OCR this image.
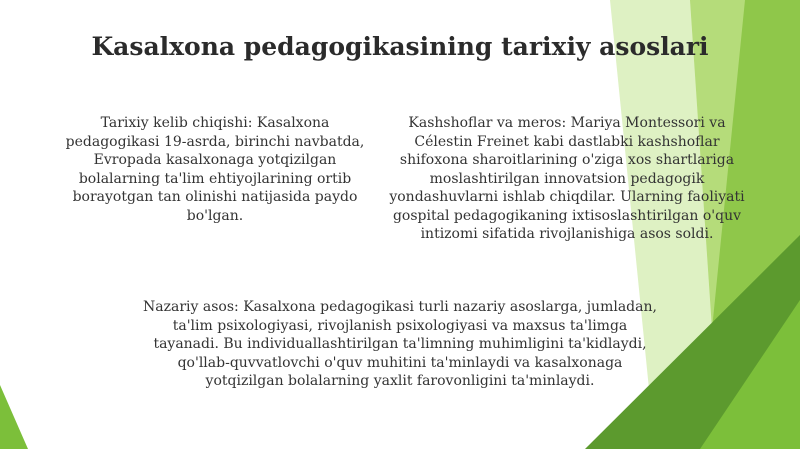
Kasalxona pedagogikasining tarixiy asoslari

Tarixiy kelib chiqishi: Kasalxona pedagogikasi 19-asrda, birinchi navbatda, Evropada kasalxonaga yotqizilgan bolalarning ta'lim ehtiyojlarining ortib borayotgan tan olinishi natijasida paydo bo'lgan.

Kashshoflar va meros: Mariya Montessori va Célestin Freinet kabi dastlabki kashshoflar shifoxona sharoitlarining o'ziga xos shartlariga moslashtirilgan innovatsion pedagogik yondashuvlarni ishlab chiqdilar. Ularning faoliyati gospital pedagogikaning ixtisoslashtirilgan o'quv intizomi sifatida rivojlanishiga asos soldi.

Nazariy asos: Kasalxona pedagogikasi turli nazariy asoslarga, jumladan, ta'lim psixologiyasi, rivojlanish psixologiyasi va maxsus ta'limga tayanadi. Bu individuallashtirilgan ta'limning muhimligini ta'kidlaydi, qo'llab-quvvatlovchi o'quv muhitini ta'minlaydi va kasalxonaga yotqizilgan bolalarning yaxlit farovonligini ta'minlaydi.
